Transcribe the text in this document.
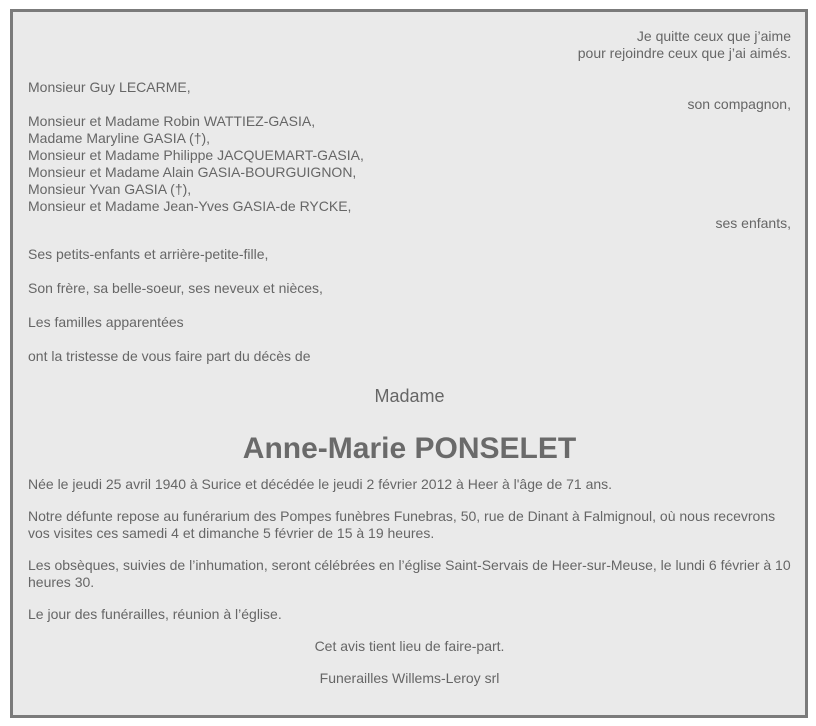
Je quitte ceux que j’aime
pour rejoindre ceux que j’ai aimés.
Monsieur Guy LECARME,
son compagnon,
Monsieur et Madame Robin WATTIEZ-GASIA,
Madame Maryline GASIA (†),
Monsieur et Madame Philippe JACQUEMART-GASIA,
Monsieur et Madame Alain GASIA-BOURGUIGNON,
Monsieur Yvan GASIA (†),
Monsieur et Madame Jean-Yves GASIA-de RYCKE,
ses enfants,
Ses petits-enfants et arrière-petite-fille,
Son frère, sa belle-soeur, ses neveux et nièces,
Les familles apparentées
ont la tristesse de vous faire part du décès de
Madame
Anne-Marie PONSELET
Née le jeudi 25 avril 1940 à Surice et décédée le jeudi 2 février 2012 à Heer à l'âge de 71 ans.
Notre défunte repose au funérarium des Pompes funèbres Funebras, 50, rue de Dinant à Falmignoul, où nous recevrons vos visites ces samedi 4 et dimanche 5 février de 15 à 19 heures.
Les obsèques, suivies de l’inhumation, seront célébrées en l’église Saint-Servais de Heer-sur-Meuse, le lundi 6 février à 10 heures 30.
Le jour des funérailles, réunion à l’église.
Cet avis tient lieu de faire-part.
Funerailles Willems-Leroy srl
